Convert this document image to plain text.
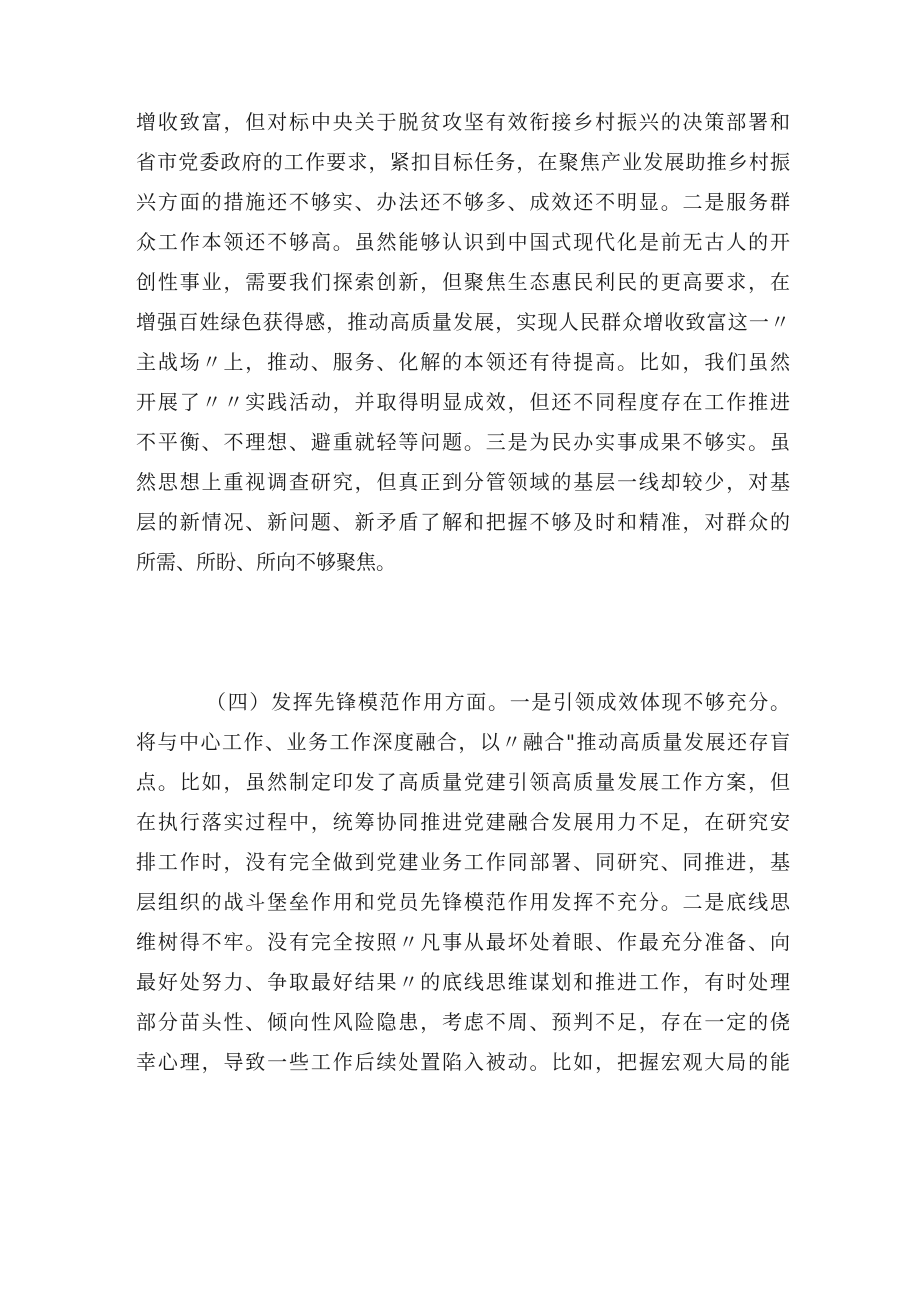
增收致富，但对标中央关于脱贫攻坚有效衔接乡村振兴的决策部署和
省市党委政府的工作要求，紧扣目标任务，在聚焦产业发展助推乡村振
兴方面的措施还不够实、办法还不够多、成效还不明显。二是服务群
众工作本领还不够高。虽然能够认识到中国式现代化是前无古人的开
创性事业，需要我们探索创新，但聚焦生态惠民利民的更高要求，在
增强百姓绿色获得感，推动高质量发展，实现人民群众增收致富这一〃
主战场〃上，推动、服务、化解的本领还有待提高。比如，我们虽然
开展了〃〃实践活动，并取得明显成效，但还不同程度存在工作推进
不平衡、不理想、避重就轻等问题。三是为民办实事成果不够实。虽
然思想上重视调查研究，但真正到分管领域的基层一线却较少，对基
层的新情况、新问题、新矛盾了解和把握不够及时和精准，对群众的
所需、所盼、所向不够聚焦。
（四）发挥先锋模范作用方面。一是引领成效体现不够充分。
将与中心工作、业务工作深度融合，以〃融合"推动高质量发展还存盲
点。比如，虽然制定印发了高质量党建引领高质量发展工作方案，但
在执行落实过程中，统筹协同推进党建融合发展用力不足，在研究安
排工作时，没有完全做到党建业务工作同部署、同研究、同推进，基
层组织的战斗堡垒作用和党员先锋模范作用发挥不充分。二是底线思
维树得不牢。没有完全按照〃凡事从最坏处着眼、作最充分准备、向
最好处努力、争取最好结果〃的底线思维谋划和推进工作，有时处理
部分苗头性、倾向性风险隐患，考虑不周、预判不足，存在一定的侥
幸心理，导致一些工作后续处置陷入被动。比如，把握宏观大局的能
